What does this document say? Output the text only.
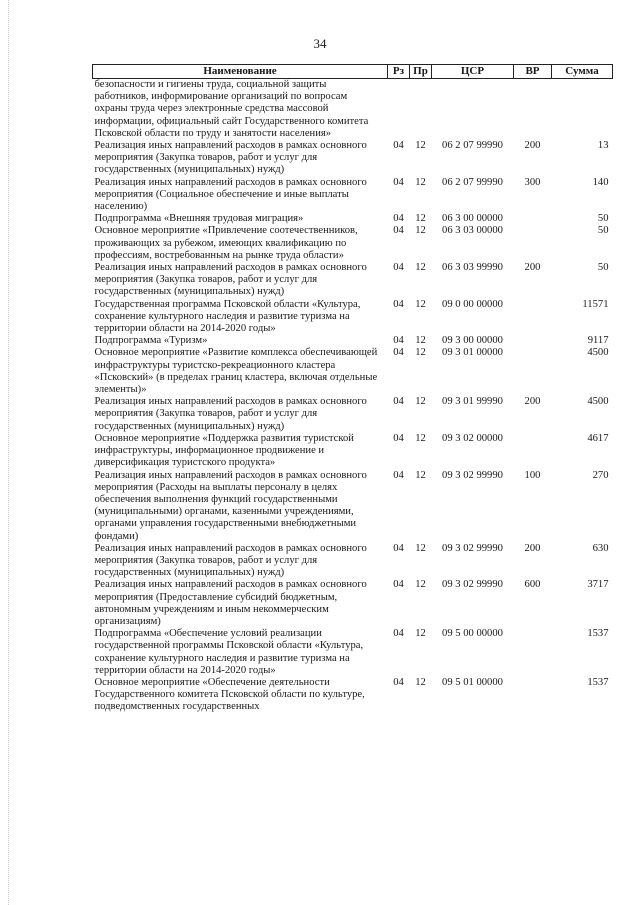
34
Наименование	Рз	Пр	ЦСР	ВР	Сумма
безопасности и гигиены труда, социальной защиты работников, информирование организаций по вопросам охраны труда через электронные средства массовой информации, официальный сайт Государственного комитета Псковской области по труду и занятости населения»					
Реализация иных направлений расходов в рамках основного мероприятия (Закупка товаров, работ и услуг для государственных (муниципальных) нужд)	04	12	06 2 07 99990	200	13
Реализация иных направлений расходов в рамках основного мероприятия (Социальное обеспечение и иные выплаты населению)	04	12	06 2 07 99990	300	140
Подпрограмма «Внешняя трудовая миграция»	04	12	06 3 00 00000		50
Основное мероприятие «Привлечение соотечественников, проживающих за рубежом, имеющих квалификацию по профессиям, востребованным на рынке труда области»	04	12	06 3 03 00000		50
Реализация иных направлений расходов в рамках основного мероприятия (Закупка товаров, работ и услуг для государственных (муниципальных) нужд)	04	12	06 3 03 99990	200	50
Государственная программа Псковской области «Культура, сохранение культурного наследия и развитие туризма на территории области на 2014-2020 годы»	04	12	09 0 00 00000		11571
Подпрограмма «Туризм»	04	12	09 3 00 00000		9117
Основное мероприятие «Развитие комплекса обеспечивающей инфраструктуры туристско-рекреационного кластера «Псковский» (в пределах границ кластера, включая отдельные элементы)»	04	12	09 3 01 00000		4500
Реализация иных направлений расходов в рамках основного мероприятия (Закупка товаров, работ и услуг для государственных (муниципальных) нужд)	04	12	09 3 01 99990	200	4500
Основное мероприятие «Поддержка развития туристской инфраструктуры, информационное продвижение и диверсификация туристского продукта»	04	12	09 3 02 00000		4617
Реализация иных направлений расходов в рамках основного мероприятия (Расходы на выплаты персоналу в целях обеспечения выполнения функций государственными (муниципальными) органами, казенными учреждениями, органами управления государственными внебюджетными фондами)	04	12	09 3 02 99990	100	270
Реализация иных направлений расходов в рамках основного мероприятия (Закупка товаров, работ и услуг для государственных (муниципальных) нужд)	04	12	09 3 02 99990	200	630
Реализация иных направлений расходов в рамках основного мероприятия (Предоставление субсидий бюджетным, автономным учреждениям и иным некоммерческим организациям)	04	12	09 3 02 99990	600	3717
Подпрограмма «Обеспечение условий реализации государственной программы Псковской области «Культура, сохранение культурного наследия и развитие туризма на территории области на 2014-2020 годы»	04	12	09 5 00 00000		1537
Основное мероприятие «Обеспечение деятельности Государственного комитета Псковской области по культуре, подведомственных государственных	04	12	09 5 01 00000		1537
